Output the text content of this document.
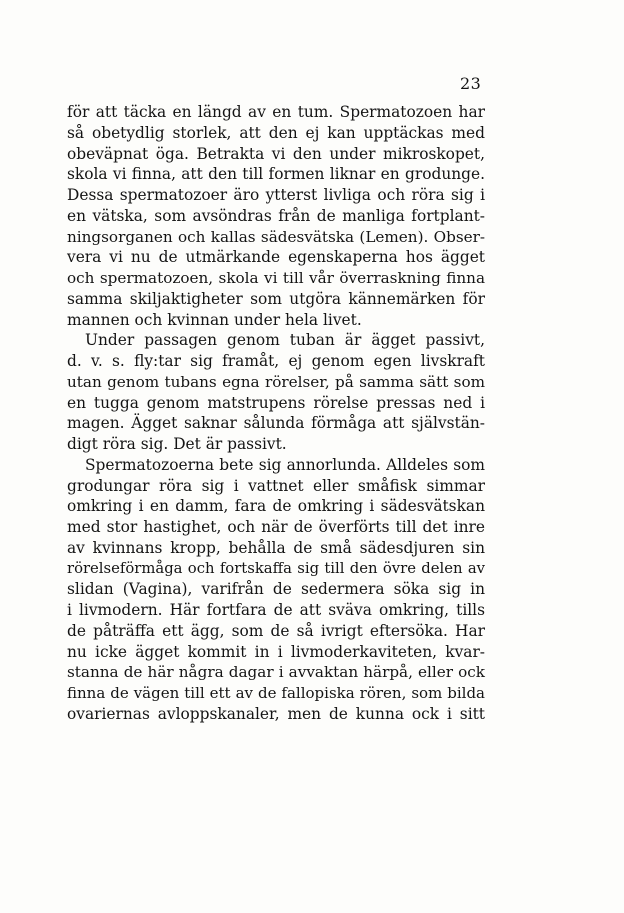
23
för att täcka en längd av en tum. Spermatozoen har
så obetydlig storlek, att den ej kan upptäckas med
obeväpnat öga. Betrakta vi den under mikroskopet,
skola vi finna, att den till formen liknar en grodunge.
Dessa spermatozoer äro ytterst livliga och röra sig i
en vätska, som avsöndras från de manliga fortplant-
ningsorganen och kallas sädesvätska (Lemen). Obser-
vera vi nu de utmärkande egenskaperna hos ägget
och spermatozoen, skola vi till vår överraskning finna
samma skiljaktigheter som utgöra kännemärken för
mannen och kvinnan under hela livet.
Under passagen genom tuban är ägget passivt,
d. v. s. fly:tar sig framåt, ej genom egen livskraft
utan genom tubans egna rörelser, på samma sätt som
en tugga genom matstrupens rörelse pressas ned i
magen. Ägget saknar sålunda förmåga att självstän-
digt röra sig. Det är passivt.
Spermatozoerna bete sig annorlunda. Alldeles som
grodungar röra sig i vattnet eller småfisk simmar
omkring i en damm, fara de omkring i sädesvätskan
med stor hastighet, och när de överförts till det inre
av kvinnans kropp, behålla de små sädesdjuren sin
rörelseförmåga och fortskaffa sig till den övre delen av
slidan (Vagina), varifrån de sedermera söka sig in
i livmodern. Här fortfara de att sväva omkring, tills
de påträffa ett ägg, som de så ivrigt eftersöka. Har
nu icke ägget kommit in i livmoderkaviteten, kvar-
stanna de här några dagar i avvaktan härpå, eller ock
finna de vägen till ett av de fallopiska rören, som bilda
ovariernas avloppskanaler, men de kunna ock i sitt
